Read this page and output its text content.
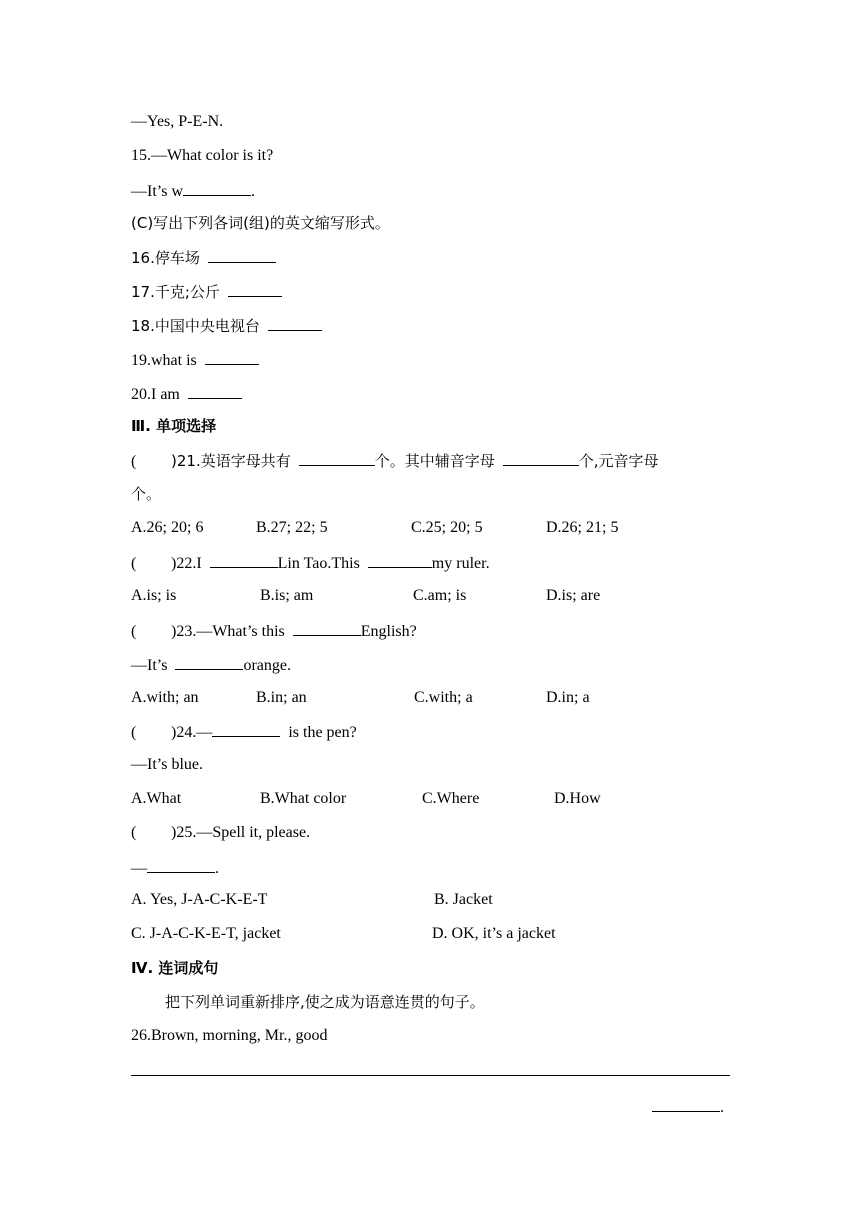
—Yes, P-E-N.
15.—What color is it?
—It’s w	.
(C)写出下列各词(组)的英文缩写形式。
16.停车场
17.千克;公斤
18.中国中央电视台
19.what is
20.I am
Ⅲ. 单项选择
( )21.英语字母共有	个。其中辅音字母	个,元音字母
个。
A.26; 20; 6	B.27; 22; 5	C.25; 20; 5	D.26; 21; 5
( )22.I	Lin Tao.This	my ruler.
A.is; is	B.is; am	C.am; is	D.is; are
( )23.—What’s this	English?
—It’s	orange.
A.with; an	B.in; an	C.with; a	D.in; a
( )24.—	is the pen?
—It’s blue.
A.What	B.What color	C.Where	D.How
( )25.—Spell it, please.
—	.
A. Yes, J-A-C-K-E-T	B. Jacket
C. J-A-C-K-E-T, jacket	D. OK, it’s a jacket
Ⅳ. 连词成句
把下列单词重新排序,使之成为语意连贯的句子。
26.Brown, morning, Mr., good
.
